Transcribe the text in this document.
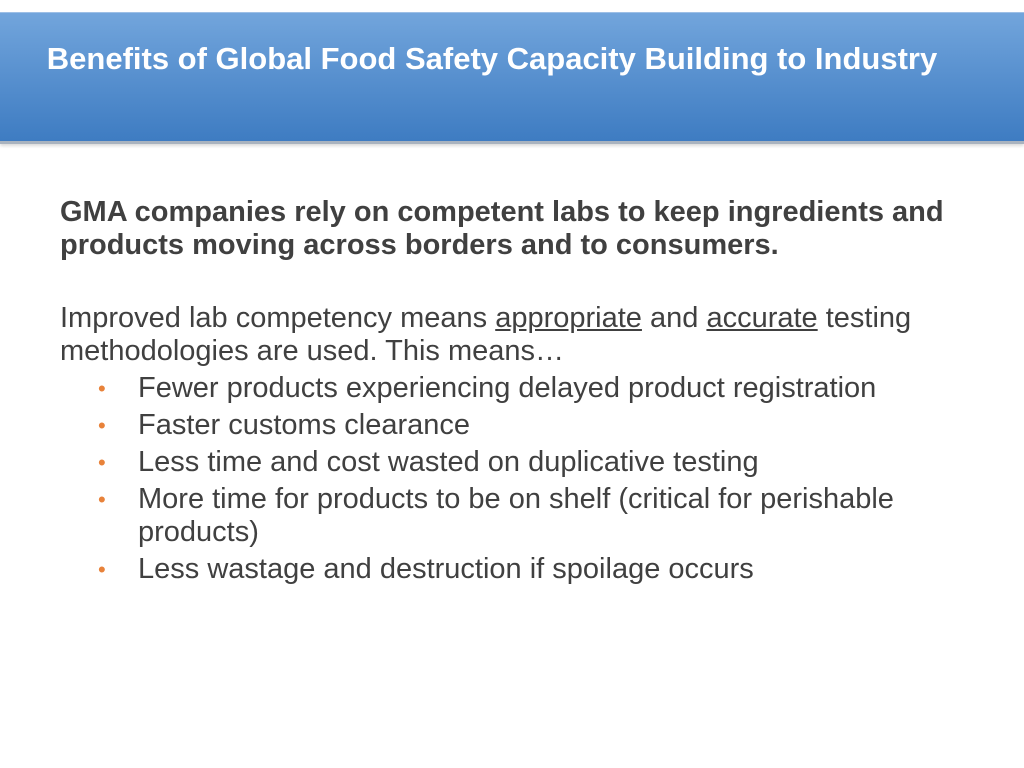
Benefits of Global Food Safety Capacity Building to Industry

GMA companies rely on competent labs to keep ingredients and products moving across borders and to consumers.

Improved lab competency means appropriate and accurate testing methodologies are used. This means…

• Fewer products experiencing delayed product registration
• Faster customs clearance
• Less time and cost wasted on duplicative testing
• More time for products to be on shelf (critical for perishable products)
• Less wastage and destruction if spoilage occurs
